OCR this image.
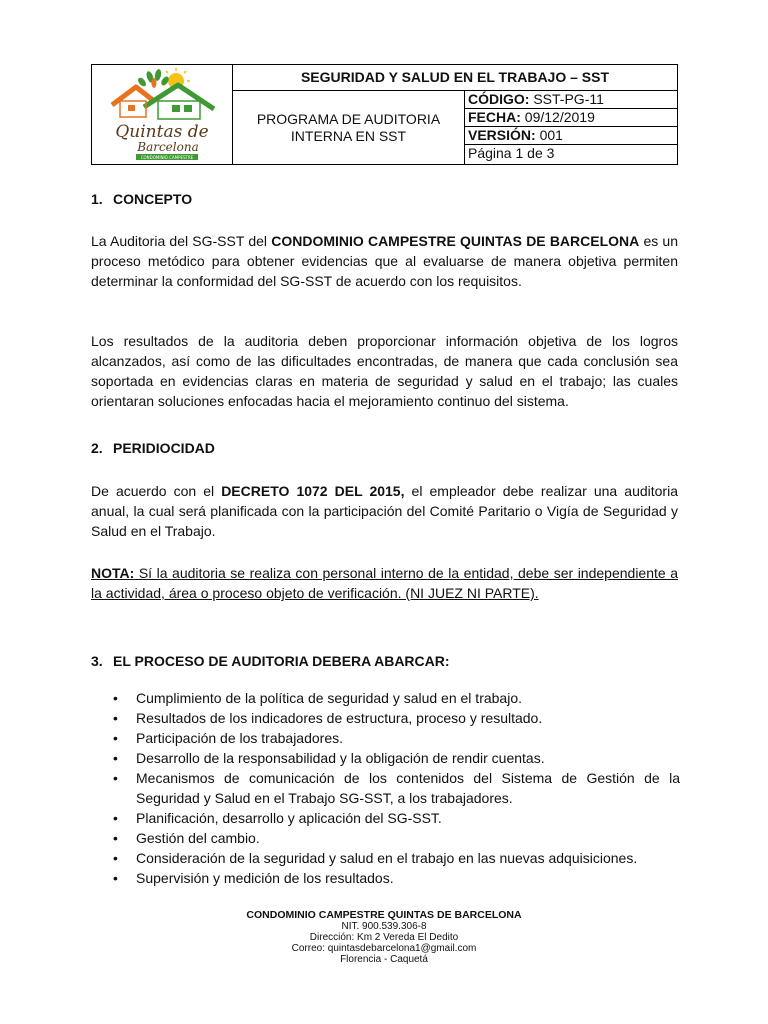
Quintas de
Barcelona
CONDOMINIO CAMPESTRE
SEGURIDAD Y SALUD EN EL TRABAJO – SST
PROGRAMA DE AUDITORIA
INTERNA EN SST
CÓDIGO: SST-PG-11
FECHA: 09/12/2019
VERSIÓN: 001
Página 1 de 3
1. CONCEPTO
La Auditoria del SG-SST del CONDOMINIO CAMPESTRE QUINTAS DE BARCELONA es un proceso metódico para obtener evidencias que al evaluarse de manera objetiva permiten determinar la conformidad del SG-SST de acuerdo con los requisitos.
Los resultados de la auditoria deben proporcionar información objetiva de los logros alcanzados, así como de las dificultades encontradas, de manera que cada conclusión sea soportada en evidencias claras en materia de seguridad y salud en el trabajo; las cuales orientaran soluciones enfocadas hacia el mejoramiento continuo del sistema.
2. PERIDIOCIDAD
De acuerdo con el DECRETO 1072 DEL 2015, el empleador debe realizar una auditoria anual, la cual será planificada con la participación del Comité Paritario o Vigía de Seguridad y Salud en el Trabajo.
NOTA: Sí la auditoria se realiza con personal interno de la entidad, debe ser independiente a la actividad, área o proceso objeto de verificación. (NI JUEZ NI PARTE).
3. EL PROCESO DE AUDITORIA DEBERA ABARCAR:
• Cumplimiento de la política de seguridad y salud en el trabajo.
• Resultados de los indicadores de estructura, proceso y resultado.
• Participación de los trabajadores.
• Desarrollo de la responsabilidad y la obligación de rendir cuentas.
• Mecanismos de comunicación de los contenidos del Sistema de Gestión de la Seguridad y Salud en el Trabajo SG-SST, a los trabajadores.
• Planificación, desarrollo y aplicación del SG-SST.
• Gestión del cambio.
• Consideración de la seguridad y salud en el trabajo en las nuevas adquisiciones.
• Supervisión y medición de los resultados.
CONDOMINIO CAMPESTRE QUINTAS DE BARCELONA
NIT. 900.539.306-8
Dirección: Km 2 Vereda El Dedito
Correo: quintasdebarcelona1@gmail.com
Florencia - Caquetá
